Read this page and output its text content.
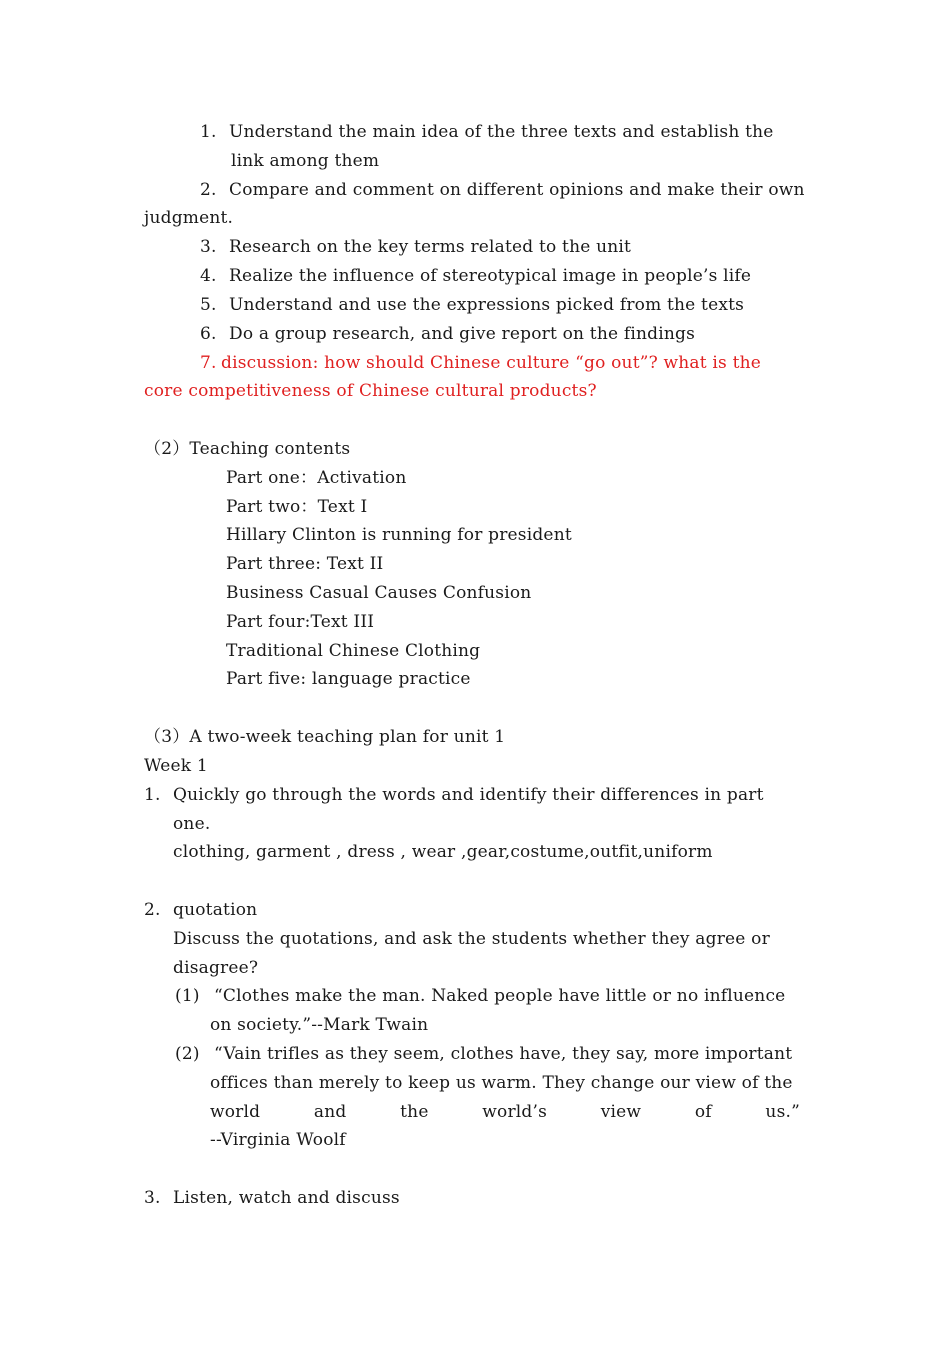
1. Understand the main idea of the three texts and establish the
link among them
2. Compare and comment on different opinions and make their own
judgment.
3. Research on the key terms related to the unit
4. Realize the influence of stereotypical image in people’s life
5. Understand and use the expressions picked from the texts
6. Do a group research, and give report on the findings
7. discussion: how should Chinese culture “go out”? what is the
core competitiveness of Chinese cultural products?
（2）Teaching contents
Part one：Activation
Part two：Text I
Hillary Clinton is running for president
Part three: Text II
Business Casual Causes Confusion
Part four:Text III
Traditional Chinese Clothing
Part five: language practice
（3）A two-week teaching plan for unit 1
Week 1
1. Quickly go through the words and identify their differences in part
one.
clothing, garment , dress , wear ,gear,costume,outfit,uniform
2. quotation
Discuss the quotations, and ask the students whether they agree or
disagree?
(1) “Clothes make the man. Naked people have little or no influence
on society.”--Mark Twain
(2) “Vain trifles as they seem, clothes have, they say, more important
offices than merely to keep us warm. They change our view of the
world and the world’s view of us.”
--Virginia Woolf
3. Listen, watch and discuss
